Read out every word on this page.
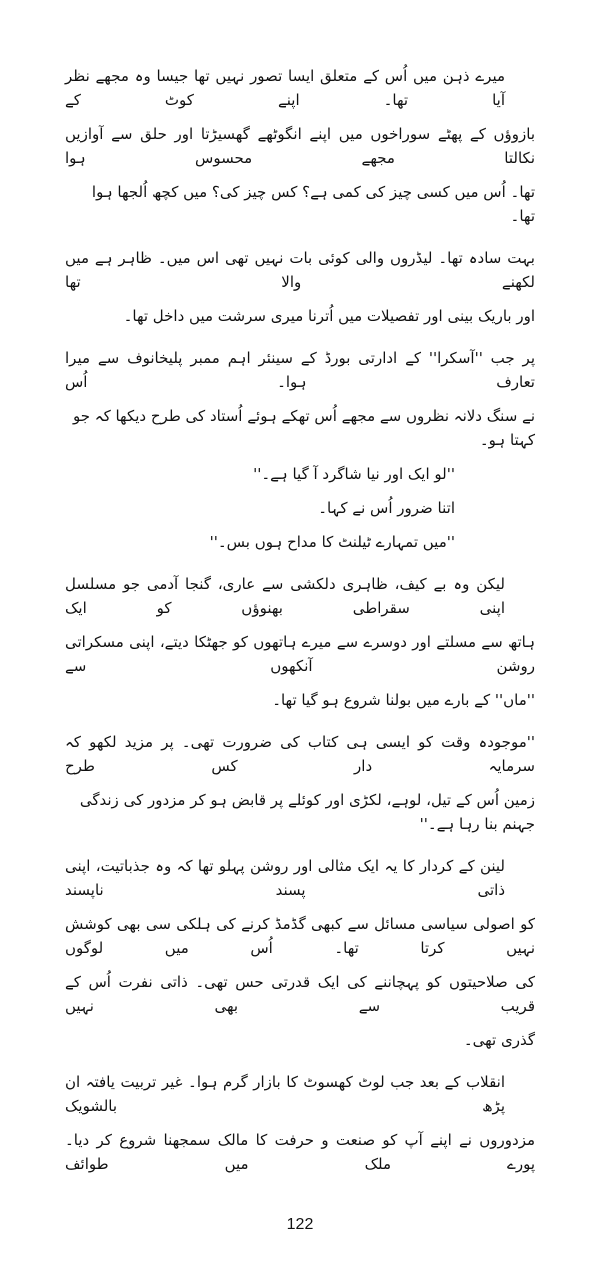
میرے ذہن میں اُس کے متعلق ایسا تصور نہیں تھا جیسا وہ مجھے نظر آیا تھا۔ اپنے کوٹ کے
بازوؤں کے پھٹے سوراخوں میں اپنے انگوٹھے گھسیڑتا اور حلق سے آوازیں نکالتا مجھے محسوس ہوا
تھا۔ اُس میں کسی چیز کی کمی ہے؟ کس چیز کی؟ میں کچھ اُلجھا ہوا تھا۔
بہت سادہ تھا۔ لیڈروں والی کوئی بات نہیں تھی اس میں۔ ظاہر ہے میں لکھنے والا تھا
اور باریک بینی اور تفصیلات میں اُترنا میری سرشت میں داخل تھا۔
پر جب ''آسکرا'' کے ادارتی بورڈ کے سینئر اہم ممبر پلیخانوف سے میرا تعارف ہوا۔ اُس
نے سنگ دلانہ نظروں سے مجھے اُس تھکے ہوئے اُستاد کی طرح دیکھا کہ جو کہتا ہو۔
''لو ایک اور نیا شاگرد آ گیا ہے۔''
اتنا ضرور اُس نے کہا۔
''میں تمہارے ٹیلنٹ کا مداح ہوں بس۔''
لیکن وہ بے کیف، ظاہری دلکشی سے عاری، گنجا آدمی جو مسلسل اپنی سقراطی بھنوؤں کو ایک
ہاتھ سے مسلتے اور دوسرے سے میرے ہاتھوں کو جھٹکا دیتے، اپنی مسکراتی روشن آنکھوں سے
''ماں'' کے بارے میں بولنا شروع ہو گیا تھا۔
''موجودہ وقت کو ایسی ہی کتاب کی ضرورت تھی۔ پر مزید لکھو کہ سرمایہ دار کس طرح
زمین اُس کے تیل، لوہے، لکڑی اور کوئلے پر قابض ہو کر مزدور کی زندگی جہنم بنا رہا ہے۔''
لینن کے کردار کا یہ ایک مثالی اور روشن پہلو تھا کہ وہ جذباتیت، اپنی ذاتی پسند ناپسند
کو اصولی سیاسی مسائل سے کبھی گڈمڈ کرنے کی ہلکی سی بھی کوشش نہیں کرتا تھا۔ اُس میں لوگوں
کی صلاحیتوں کو پہچاننے کی ایک قدرتی حس تھی۔ ذاتی نفرت اُس کے قریب سے بھی نہیں
گذری تھی۔
انقلاب کے بعد جب لوٹ کھسوٹ کا بازار گرم ہوا۔ غیر تربیت یافتہ ان پڑھ بالشویک
مزدوروں نے اپنے آپ کو صنعت و حرفت کا مالک سمجھنا شروع کر دیا۔ پورے ملک میں طوائف
122
